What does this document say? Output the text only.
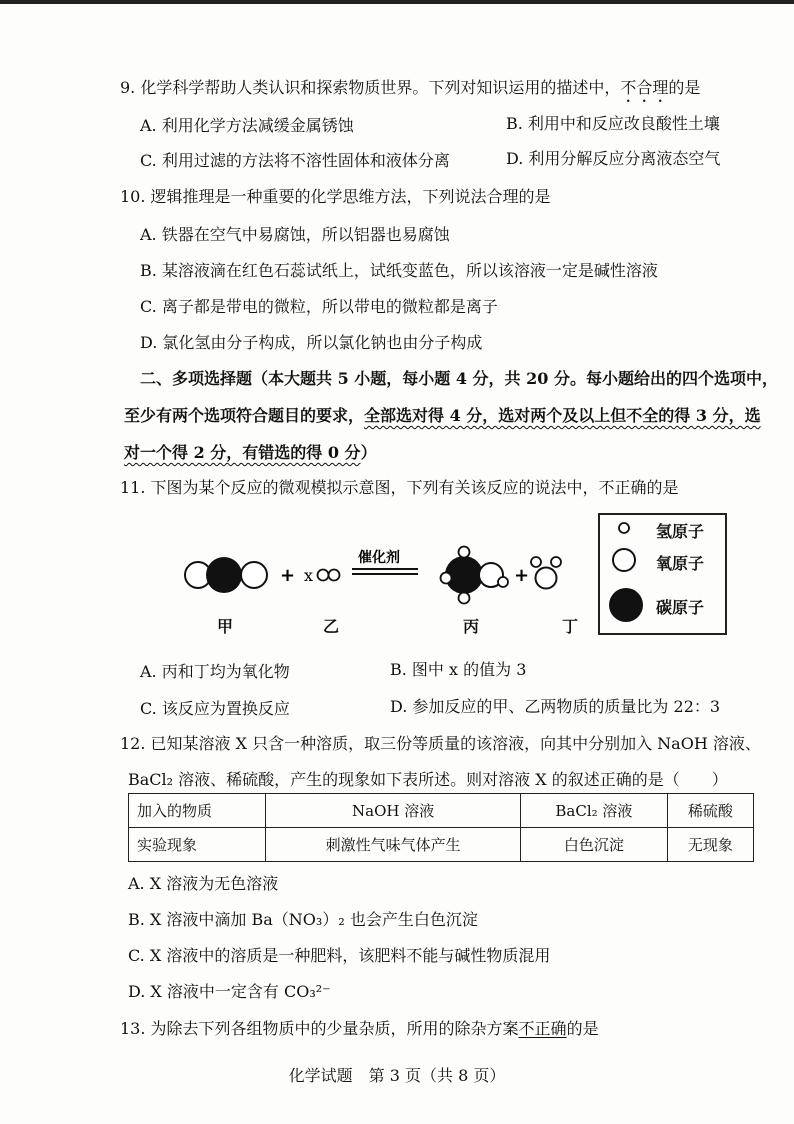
9. 化学科学帮助人类认识和探索物质世界。下列对知识运用的描述中，不合理的是
A. 利用化学方法减缓金属锈蚀	B. 利用中和反应改良酸性土壤
C. 利用过滤的方法将不溶性固体和液体分离	D. 利用分解反应分离液态空气
10. 逻辑推理是一种重要的化学思维方法，下列说法合理的是
A. 铁器在空气中易腐蚀，所以铝器也易腐蚀
B. 某溶液滴在红色石蕊试纸上，试纸变蓝色，所以该溶液一定是碱性溶液
C. 离子都是带电的微粒，所以带电的微粒都是离子
D. 氯化氢由分子构成，所以氯化钠也由分子构成
二、多项选择题（本大题共 5 小题，每小题 4 分，共 20 分。每小题给出的四个选项中，
至少有两个选项符合题目的要求，全部选对得 4 分，选对两个及以上但不全的得 3 分，选
对一个得 2 分，有错选的得 0 分）
11. 下图为某个反应的微观模拟示意图，下列有关该反应的说法中，不正确的是
+ x
催化剂
+
甲	乙	丙	丁
氢原子
氧原子
碳原子
A. 丙和丁均为氧化物	B. 图中 x 的值为 3
C. 该反应为置换反应	D. 参加反应的甲、乙两物质的质量比为 22：3
12. 已知某溶液 X 只含一种溶质，取三份等质量的该溶液，向其中分别加入 NaOH 溶液、
BaCl₂ 溶液、稀硫酸，产生的现象如下表所述。则对溶液 X 的叙述正确的是（　　）
加入的物质	NaOH 溶液	BaCl₂ 溶液	稀硫酸
实验现象	刺激性气味气体产生	白色沉淀	无现象
A. X 溶液为无色溶液
B. X 溶液中滴加 Ba（NO₃）₂ 也会产生白色沉淀
C. X 溶液中的溶质是一种肥料，该肥料不能与碱性物质混用
D. X 溶液中一定含有 CO₃²⁻
13. 为除去下列各组物质中的少量杂质，所用的除杂方案不正确的是
化学试题　第 3 页（共 8 页）
